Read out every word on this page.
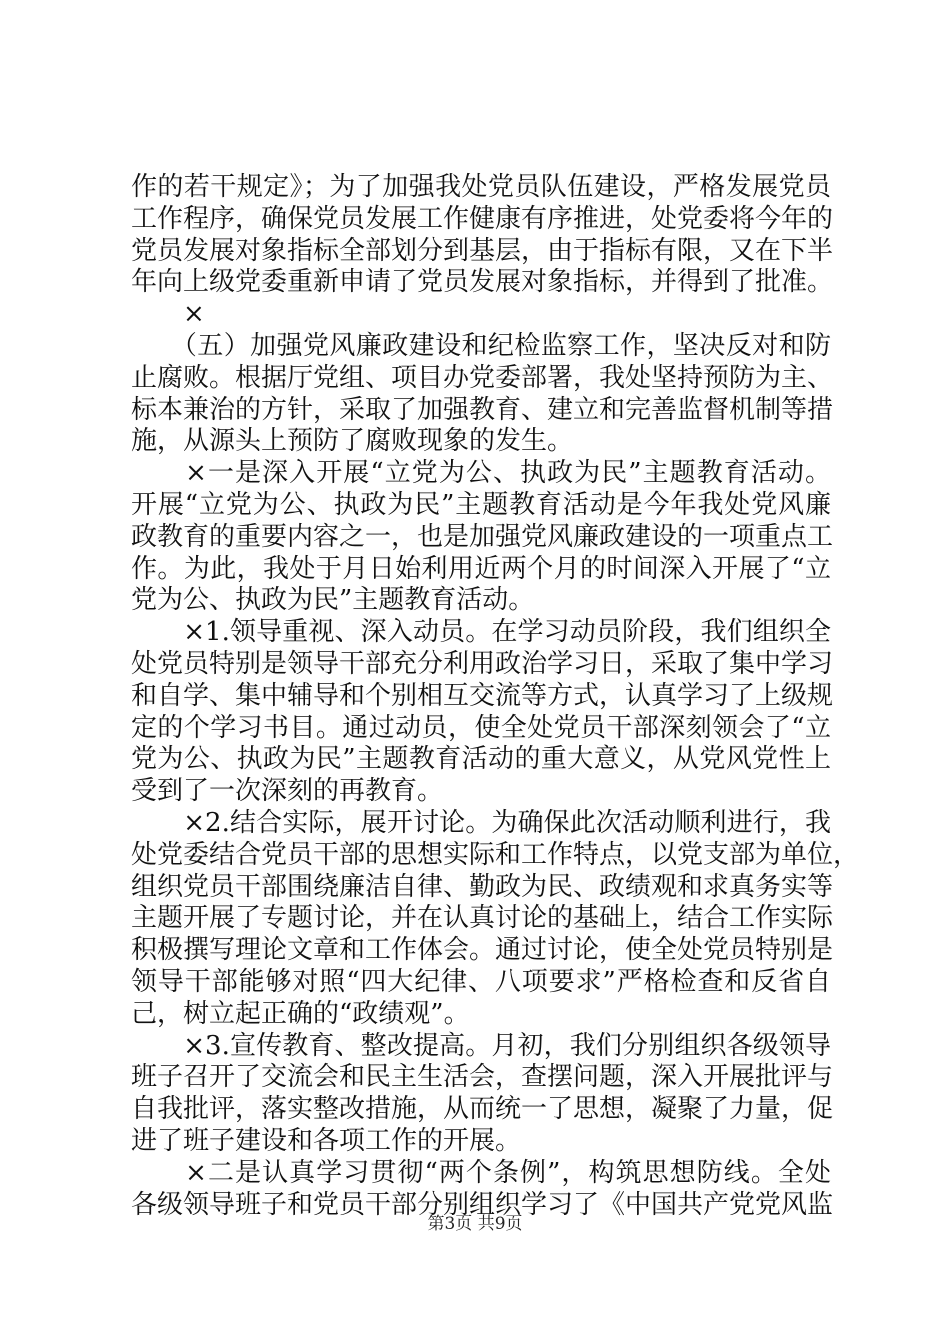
作的若干规定》；为了加强我处党员队伍建设，严格发展党员
工作程序，确保党员发展工作健康有序推进，处党委将今年的
党员发展对象指标全部划分到基层，由于指标有限，又在下半
年向上级党委重新申请了党员发展对象指标，并得到了批准。
　　×
　　（五）加强党风廉政建设和纪检监察工作，坚决反对和防
止腐败。根据厅党组、项目办党委部署，我处坚持预防为主、
标本兼治的方针，采取了加强教育、建立和完善监督机制等措
施，从源头上预防了腐败现象的发生。
　　×一是深入开展“立党为公、执政为民”主题教育活动。
开展“立党为公、执政为民”主题教育活动是今年我处党风廉
政教育的重要内容之一，也是加强党风廉政建设的一项重点工
作。为此，我处于月日始利用近两个月的时间深入开展了“立
党为公、执政为民”主题教育活动。
　　×1.领导重视、深入动员。在学习动员阶段，我们组织全
处党员特别是领导干部充分利用政治学习日，采取了集中学习
和自学、集中辅导和个别相互交流等方式，认真学习了上级规
定的个学习书目。通过动员，使全处党员干部深刻领会了“立
党为公、执政为民”主题教育活动的重大意义，从党风党性上
受到了一次深刻的再教育。
　　×2.结合实际，展开讨论。为确保此次活动顺利进行，我
处党委结合党员干部的思想实际和工作特点，以党支部为单位，
组织党员干部围绕廉洁自律、勤政为民、政绩观和求真务实等
主题开展了专题讨论，并在认真讨论的基础上，结合工作实际
积极撰写理论文章和工作体会。通过讨论，使全处党员特别是
领导干部能够对照“四大纪律、八项要求”严格检查和反省自
己，树立起正确的“政绩观”。
　　×3.宣传教育、整改提高。月初，我们分别组织各级领导
班子召开了交流会和民主生活会，查摆问题，深入开展批评与
自我批评，落实整改措施，从而统一了思想，凝聚了力量，促
进了班子建设和各项工作的开展。
　　×二是认真学习贯彻“两个条例”，构筑思想防线。全处
各级领导班子和党员干部分别组织学习了《中国共产党党风监
第3页 共9页
